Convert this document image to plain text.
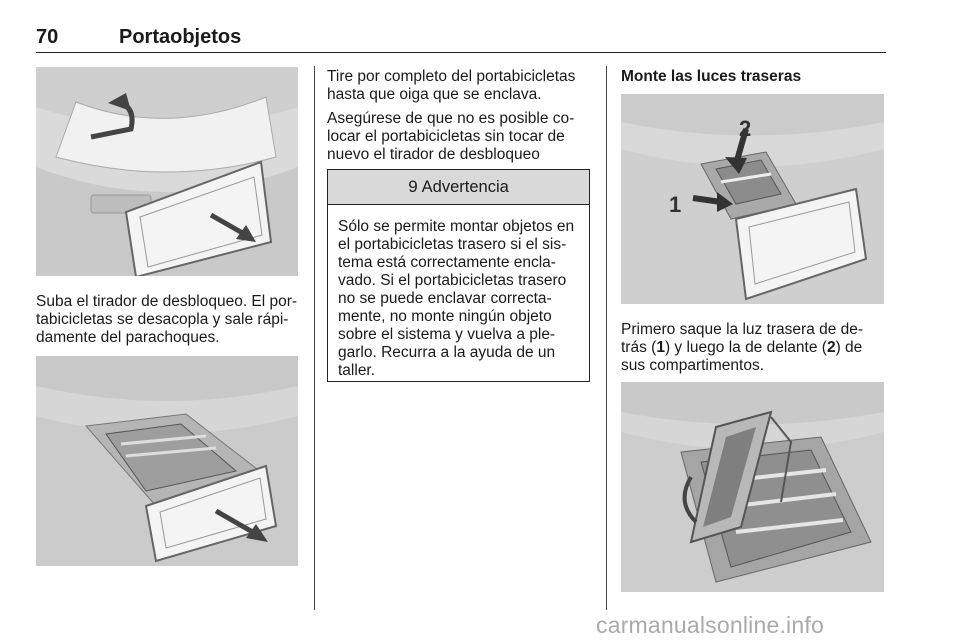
70	Portaobjetos

Suba el tirador de desbloqueo. El por-
tabicicletas se desacopla y sale rápi-
damente del parachoques.

Tire por completo del portabicicletas
hasta que oiga que se enclava.

Asegúrese de que no es posible co-
locar el portabicicletas sin tocar de
nuevo el tirador de desbloqueo

9 Advertencia
Sólo se permite montar objetos en
el portabicicletas trasero si el sis-
tema está correctamente encla-
vado. Si el portabicicletas trasero
no se puede enclavar correcta-
mente, no monte ningún objeto
sobre el sistema y vuelva a ple-
garlo. Recurra a la ayuda de un
taller.
Monte las luces traseras
2
1

Primero saque la luz trasera de de-
trás (1) y luego la de delante (2) de
sus compartimentos.

carmanualsonline.info
